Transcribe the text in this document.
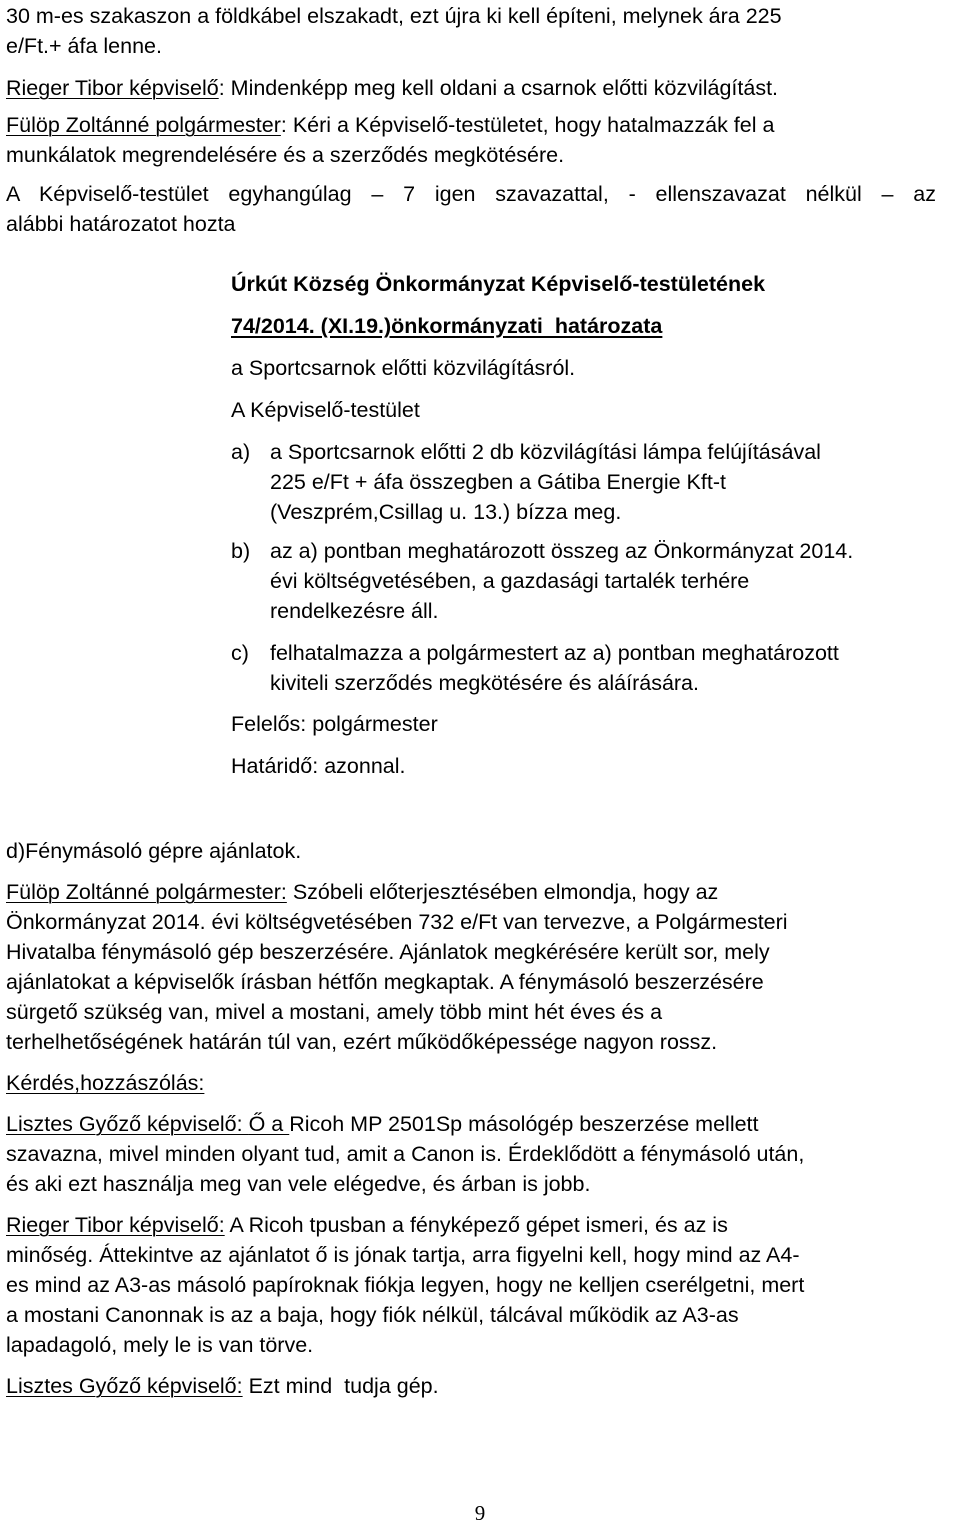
30 m-es szakaszon a földkábel elszakadt, ezt újra ki kell építeni, melynek ára 225
e/Ft.+ áfa lenne.
Rieger Tibor képviselő: Mindenképp meg kell oldani a csarnok előtti közvilágítást.
Fülöp Zoltánné polgármester: Kéri a Képviselő-testületet, hogy hatalmazzák fel a
munkálatok megrendelésére és a szerződés megkötésére.
A Képviselő-testület egyhangúlag – 7 igen szavazattal, - ellenszavazat nélkül – az
alábbi határozatot hozta
Úrkút Község Önkormányzat Képviselő-testületének
74/2014. (XI.19.)önkormányzati  határozata
a Sportcsarnok előtti közvilágításról.
A Képviselő-testület
a) a Sportcsarnok előtti 2 db közvilágítási lámpa felújításával
225 e/Ft + áfa összegben a Gátiba Energie Kft-t
(Veszprém,Csillag u. 13.) bízza meg.
b) az a) pontban meghatározott összeg az Önkormányzat 2014.
évi költségvetésében, a gazdasági tartalék terhére
rendelkezésre áll.
c) felhatalmazza a polgármestert az a) pontban meghatározott
kiviteli szerződés megkötésére és aláírására.
Felelős: polgármester
Határidő: azonnal.
d)Fénymásoló gépre ajánlatok.
Fülöp Zoltánné polgármester: Szóbeli előterjesztésében elmondja, hogy az
Önkormányzat 2014. évi költségvetésében 732 e/Ft van tervezve, a Polgármesteri
Hivatalba fénymásoló gép beszerzésére. Ajánlatok megkérésére került sor, mely
ajánlatokat a képviselők írásban hétfőn megkaptak. A fénymásoló beszerzésére
sürgető szükség van, mivel a mostani, amely több mint hét éves és a
terhelhetőségének határán túl van, ezért működőképessége nagyon rossz.
Kérdés,hozzászólás:
Lisztes Győző képviselő: Ő a Ricoh MP 2501Sp másológép beszerzése mellett
szavazna, mivel minden olyant tud, amit a Canon is. Érdeklődött a fénymásoló után,
és aki ezt használja meg van vele elégedve, és árban is jobb.
Rieger Tibor képviselő: A Ricoh tpusban a fényképező gépet ismeri, és az is
minőség. Áttekintve az ajánlatot ő is jónak tartja, arra figyelni kell, hogy mind az A4-
es mind az A3-as másoló papíroknak fiókja legyen, hogy ne kelljen cserélgetni, mert
a mostani Canonnak is az a baja, hogy fiók nélkül, tálcával működik az A3-as
lapadagoló, mely le is van törve.
Lisztes Győző képviselő: Ezt mind  tudja gép.
9
